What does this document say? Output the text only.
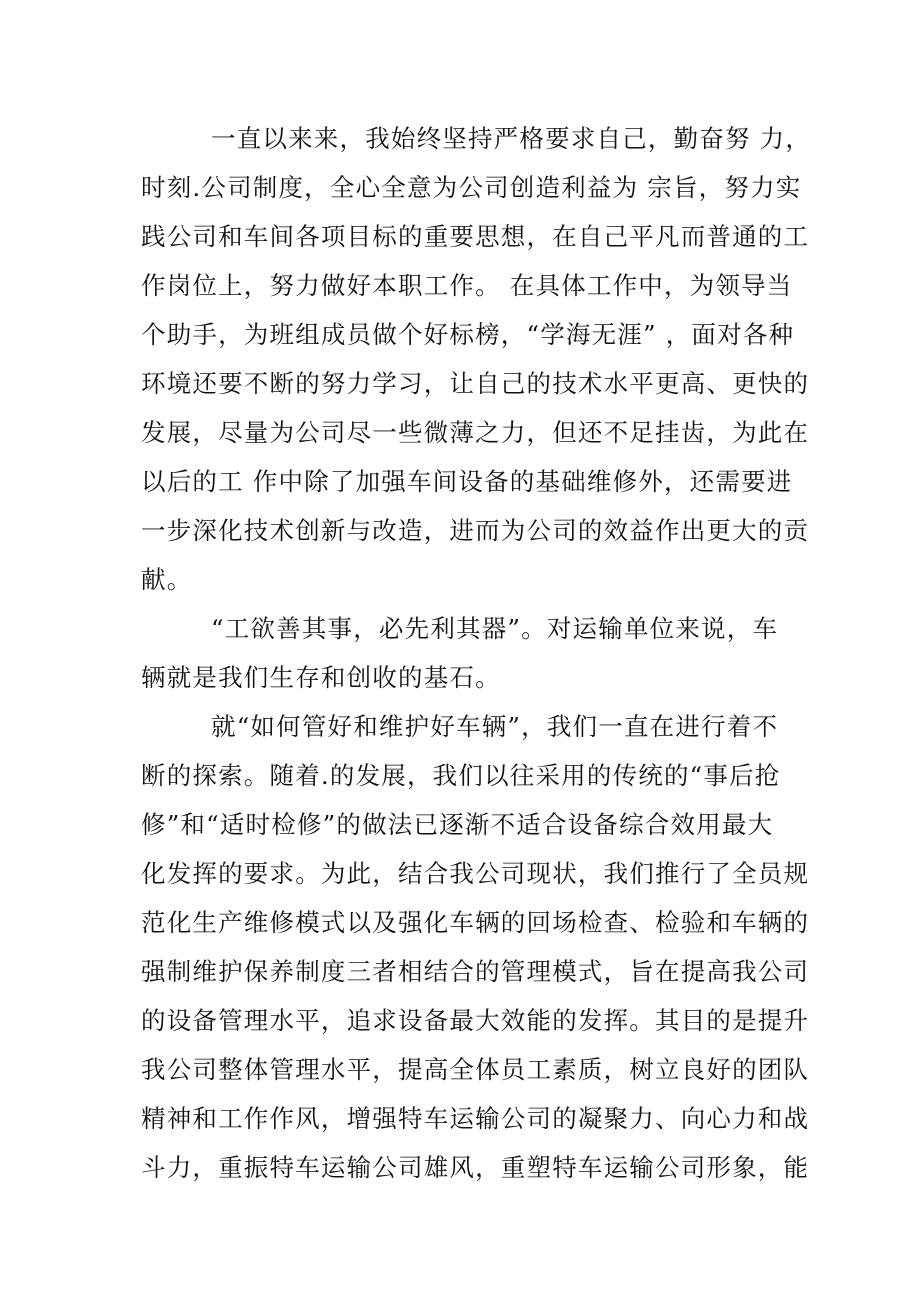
一直以来来，我始终坚持严格要求自己，勤奋努 力，
时刻.公司制度，全心全意为公司创造利益为 宗旨，努力实
践公司和车间各项目标的重要思想，在自己平凡而普通的工
作岗位上，努力做好本职工作。 在具体工作中，为领导当
个助手，为班组成员做个好标榜，“学海无涯” ，面对各种
环境还要不断的努力学习，让自己的技术水平更高、更快的
发展，尽量为公司尽一些微薄之力，但还不足挂齿，为此在
以后的工 作中除了加强车间设备的基础维修外，还需要进
一步深化技术创新与改造，进而为公司的效益作出更大的贡
献。
“工欲善其事，必先利其器”。对运输单位来说，车
辆就是我们生存和创收的基石。
就“如何管好和维护好车辆”，我们一直在进行着不
断的探索。随着.的发展，我们以往采用的传统的“事后抢
修”和“适时检修”的做法已逐渐不适合设备综合效用最大
化发挥的要求。为此，结合我公司现状，我们推行了全员规
范化生产维修模式以及强化车辆的回场检查、检验和车辆的
强制维护保养制度三者相结合的管理模式，旨在提高我公司
的设备管理水平，追求设备最大效能的发挥。其目的是提升
我公司整体管理水平，提高全体员工素质，树立良好的团队
精神和工作作风，增强特车运输公司的凝聚力、向心力和战
斗力，重振特车运输公司雄风，重塑特车运输公司形象，能
